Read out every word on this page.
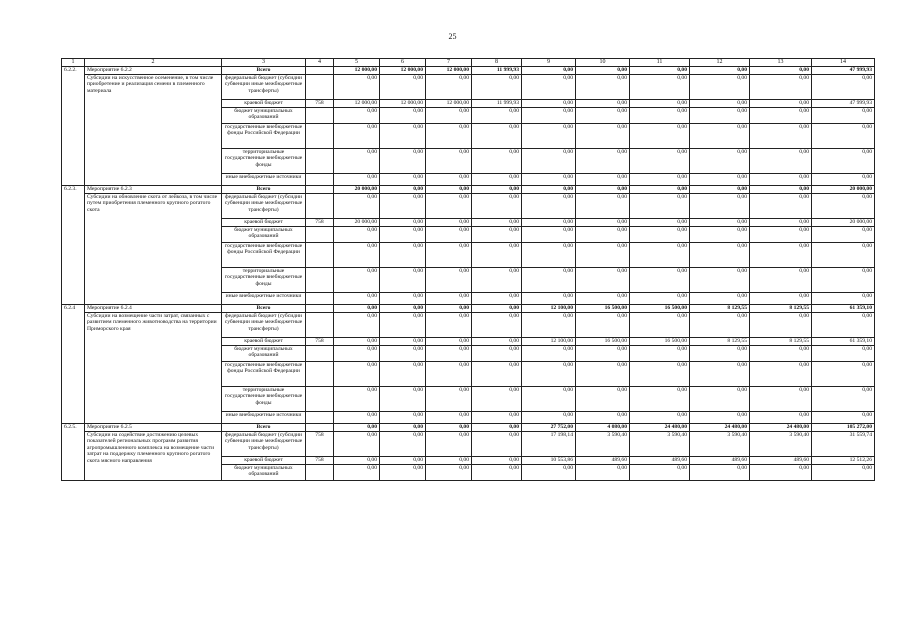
25
1	2	3	4	5	6	7	8	9	10	11	12	13	14
6.2.2.	Мероприятие 6.2.2	Всего		12 000,00	12 000,00	12 000,00	11 999,93	0,00	0,00	0,00	0,00	0,00	47 999,93
	Субсидии на искусственное осеменение, в том числе приобретение и реализация семени в племенного материала	федеральный бюджет (субсидии субвенции иные межбюджетные трансферты)		0,00	0,00	0,00	0,00	0,00	0,00	0,00	0,00	0,00	0,00
		краевой бюджет	758	12 000,00	12 000,00	12 000,00	11 999,93	0,00	0,00	0,00	0,00	0,00	47 999,93
		бюджет муниципальных образований		0,00	0,00	0,00	0,00	0,00	0,00	0,00	0,00	0,00	0,00
		государственные внебюджетные фонды Российской Федерации		0,00	0,00	0,00	0,00	0,00	0,00	0,00	0,00	0,00	0,00
		территориальные государственные внебюджетные фонды		0,00	0,00	0,00	0,00	0,00	0,00	0,00	0,00	0,00	0,00
		иные внебюджетные источники		0,00	0,00	0,00	0,00	0,00	0,00	0,00	0,00	0,00	0,00
6.2.3.	Мероприятие 6.2.3	Всего		20 000,00	0,00	0,00	0,00	0,00	0,00	0,00	0,00	0,00	20 000,00
	Субсидии на обновление скота от лейкоза, в том числе путем приобретения племенного крупного рогатого скота	федеральный бюджет (субсидии субвенции иные межбюджетные трансферты)		0,00	0,00	0,00	0,00	0,00	0,00	0,00	0,00	0,00	0,00
		краевой бюджет	758	20 000,00	0,00	0,00	0,00	0,00	0,00	0,00	0,00	0,00	20 000,00
		бюджет муниципальных образований		0,00	0,00	0,00	0,00	0,00	0,00	0,00	0,00	0,00	0,00
		государственные внебюджетные фонды Российской Федерации		0,00	0,00	0,00	0,00	0,00	0,00	0,00	0,00	0,00	0,00
		территориальные государственные внебюджетные фонды		0,00	0,00	0,00	0,00	0,00	0,00	0,00	0,00	0,00	0,00
		иные внебюджетные источники		0,00	0,00	0,00	0,00	0,00	0,00	0,00	0,00	0,00	0,00
6.2.4	Мероприятие 6.2.4	Всего		0,00	0,00	0,00	0,00	12 100,00	16 500,00	16 500,00	8 129,55	8 129,55	61 359,10
	Субсидии на возмещение части затрат, связанных с развитием племенного животноводства на территории Приморского края	федеральный бюджет (субсидии субвенции иные межбюджетные трансферты)		0,00	0,00	0,00	0,00	0,00	0,00	0,00	0,00	0,00	0,00
		краевой бюджет	758	0,00	0,00	0,00	0,00	12 100,00	16 500,00	16 500,00	8 129,55	8 129,55	61 359,10
		бюджет муниципальных образований		0,00	0,00	0,00	0,00	0,00	0,00	0,00	0,00	0,00	0,00
		государственные внебюджетные фонды Российской Федерации		0,00	0,00	0,00	0,00	0,00	0,00	0,00	0,00	0,00	0,00
		территориальные государственные внебюджетные фонды		0,00	0,00	0,00	0,00	0,00	0,00	0,00	0,00	0,00	0,00
		иные внебюджетные источники		0,00	0,00	0,00	0,00	0,00	0,00	0,00	0,00	0,00	0,00
6.2.5.	Мероприятие 6.2.5	Всего		0,00	0,00	0,00	0,00	27 752,00	4 080,00	24 480,00	24 480,00	24 480,00	105 272,00
	Субсидии на содействие достижению целевых показателей региональных программ развития агропромышленного комплекса на возмещение части затрат на поддержку племенного крупного рогатого скота мясного направления	федеральный бюджет (субсидии субвенции иные межбюджетные трансферты)	758	0,00	0,00	0,00	0,00	17 198,14	3 590,40	3 590,40	3 590,40	3 590,40	31 559,74
		краевой бюджет	758	0,00	0,00	0,00	0,00	10 553,86	489,60	489,60	489,60	489,60	12 512,26
		бюджет муниципальных образований		0,00	0,00	0,00	0,00	0,00	0,00	0,00	0,00	0,00	0,00
